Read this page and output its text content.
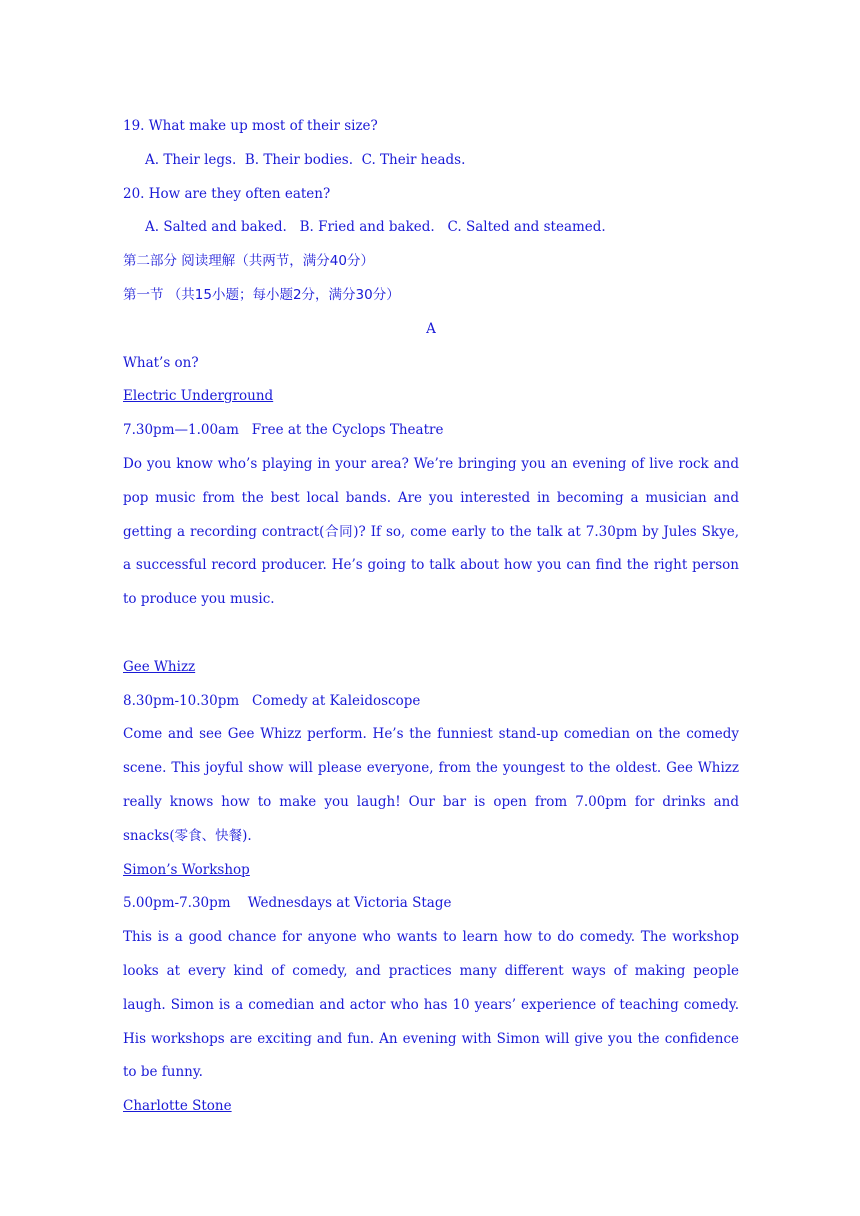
19. What make up most of their size?
A. Their legs.  B. Their bodies.  C. Their heads.
20. How are they often eaten?
A. Salted and baked.   B. Fried and baked.   C. Salted and steamed.
第二部分 阅读理解（共两节，满分40分）
第一节 （共15小题；每小题2分，满分30分）
A
What’s on?
Electric Underground
7.30pm—1.00am   Free at the Cyclops Theatre
Do you know who’s playing in your area? We’re bringing you an evening of live rock and pop music from the best local bands. Are you interested in becoming a musician and getting a recording contract(合同)? If so, come early to the talk at 7.30pm by Jules Skye, a successful record producer. He’s going to talk about how you can find the right person to produce you music.
Gee Whizz
8.30pm-10.30pm   Comedy at Kaleidoscope
Come and see Gee Whizz perform. He’s the funniest stand-up comedian on the comedy scene. This joyful show will please everyone, from the youngest to the oldest. Gee Whizz really knows how to make you laugh! Our bar is open from 7.00pm for drinks and snacks(零食、快餐).
Simon’s Workshop
5.00pm-7.30pm    Wednesdays at Victoria Stage
This is a good chance for anyone who wants to learn how to do comedy. The workshop looks at every kind of comedy, and practices many different ways of making people laugh. Simon is a comedian and actor who has 10 years’ experience of teaching comedy. His workshops are exciting and fun. An evening with Simon will give you the confidence to be funny.
Charlotte Stone
